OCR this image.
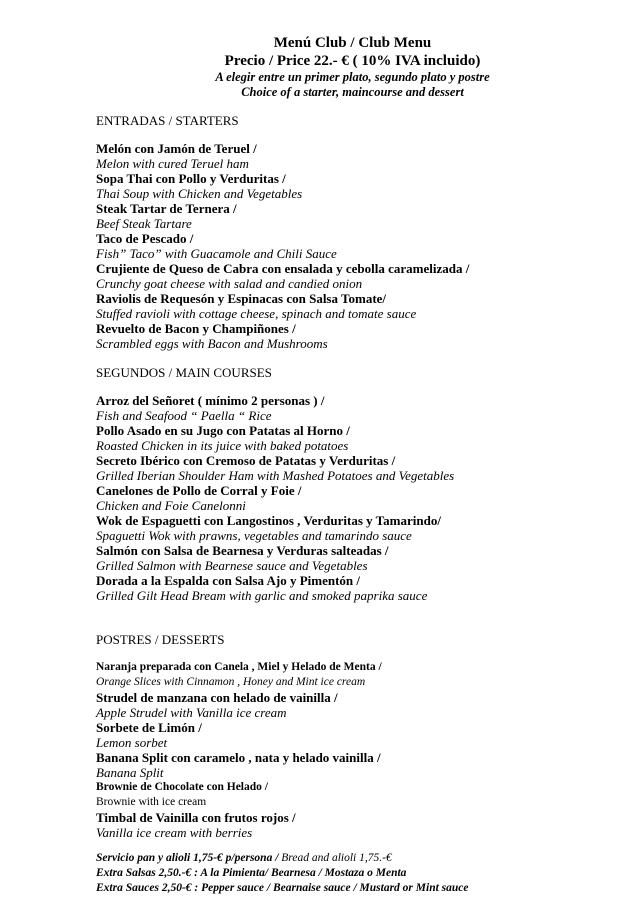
Menú Club / Club Menu
Precio / Price 22.- € ( 10% IVA incluido)
A elegir entre un primer plato, segundo plato y postre
Choice of a starter, maincourse and dessert
ENTRADAS / STARTERS
Melón con Jamón de Teruel /
Melon with cured Teruel ham
Sopa Thai con Pollo y Verduritas /
Thai Soup with Chicken and Vegetables
Steak Tartar de Ternera /
Beef Steak Tartare
Taco de Pescado /
Fish” Taco” with Guacamole and Chili Sauce
Crujiente de Queso de Cabra con ensalada y cebolla caramelizada /
Crunchy goat cheese with salad and candied onion
Raviolis de Requesón y Espinacas con Salsa Tomate/
Stuffed ravioli with cottage cheese, spinach and tomate sauce
Revuelto de Bacon y Champiñones /
Scrambled eggs with Bacon and Mushrooms
SEGUNDOS / MAIN COURSES
Arroz del Señoret ( mínimo 2 personas ) /
Fish and Seafood “ Paella “ Rice
Pollo Asado en su Jugo con Patatas al Horno /
Roasted Chicken in its juice with baked potatoes
Secreto Ibérico con Cremoso de Patatas y Verduritas /
Grilled Iberian Shoulder Ham with Mashed Potatoes and Vegetables
Canelones de Pollo de Corral y Foie /
Chicken and Foie Canelonni
Wok de Espaguetti con Langostinos , Verduritas y Tamarindo/
Spaguetti Wok with prawns, vegetables and tamarindo sauce
Salmón con Salsa de Bearnesa y Verduras salteadas /
Grilled Salmon with Bearnese sauce and Vegetables
Dorada a la Espalda con Salsa Ajo y Pimentón /
Grilled Gilt Head Bream with garlic and smoked paprika sauce
POSTRES / DESSERTS
Naranja preparada con Canela , Miel y Helado de Menta /
Orange Slices with Cinnamon , Honey and Mint ice cream
Strudel de manzana con helado de vainilla /
Apple Strudel with Vanilla ice cream
Sorbete de Limón /
Lemon sorbet
Banana Split con caramelo , nata y helado vainilla /
Banana Split
Brownie de Chocolate con Helado /
Brownie with ice cream
Timbal de Vainilla con frutos rojos /
Vanilla ice cream with berries
Servicio pan y alioli 1,75-€ p/persona / Bread and alioli 1,75.-€
Extra Salsas 2,50.-€ : A la Pimienta/ Bearnesa / Mostaza o Menta
Extra Sauces 2,50-€ : Pepper sauce / Bearnaise sauce / Mustard or Mint sauce
